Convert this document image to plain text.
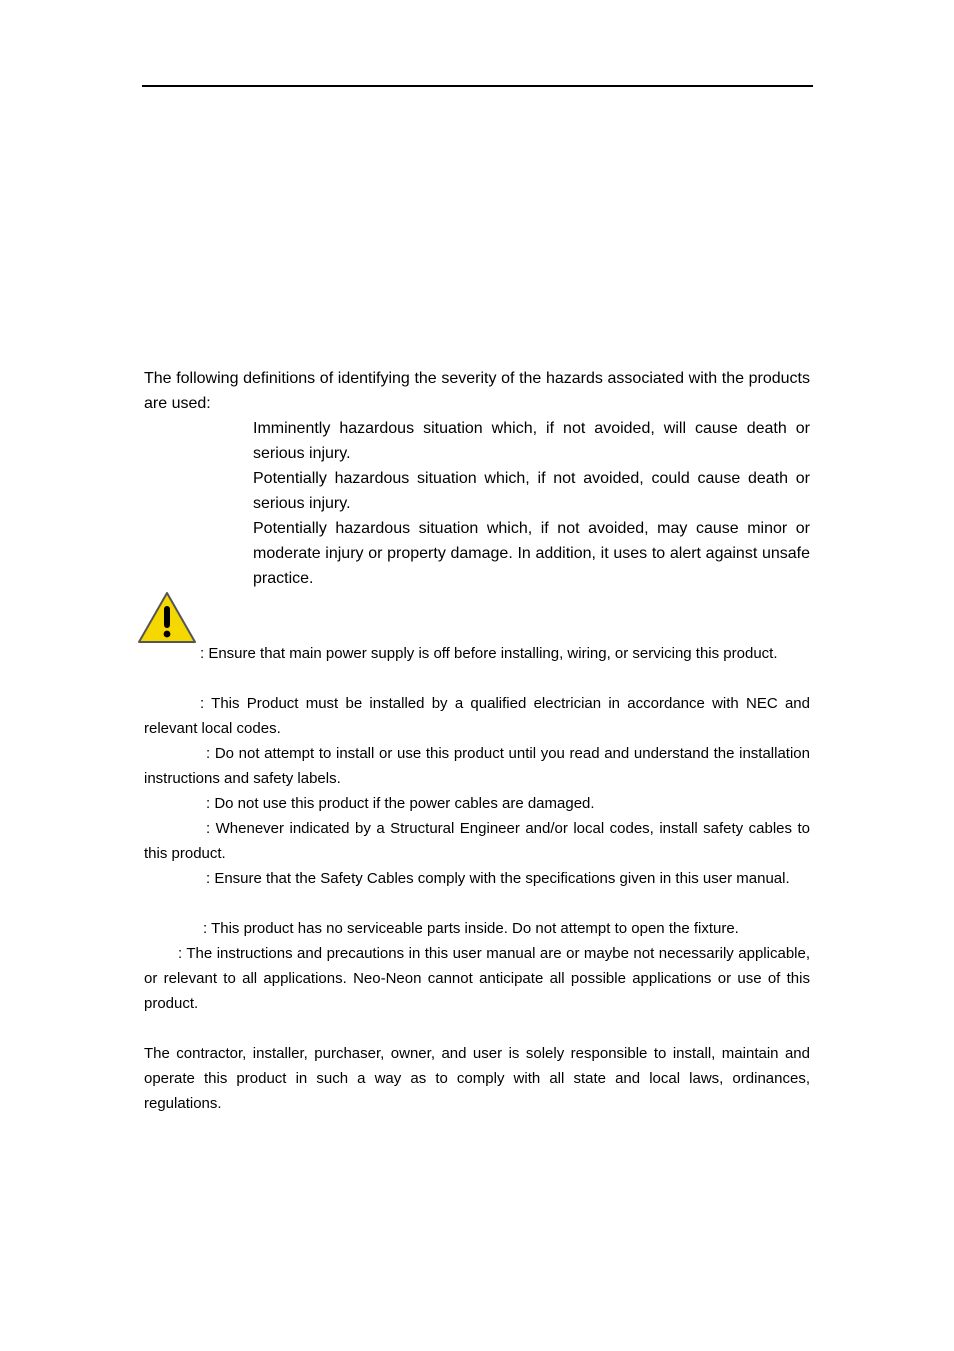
The following definitions of identifying the severity of the hazards associated with the products are used:
Imminently hazardous situation which, if not avoided, will cause death or serious injury.
Potentially hazardous situation which, if not avoided, could cause death or serious injury.
Potentially hazardous situation which, if not avoided, may cause minor or moderate injury or property damage. In addition, it uses to alert against unsafe practice.
: Ensure that main power supply is off before installing, wiring, or servicing this product.
: This Product must be installed by a qualified electrician in accordance with NEC and relevant local codes.
: Do not attempt to install or use this product until you read and understand the installation instructions and safety labels.
: Do not use this product if the power cables are damaged.
: Whenever indicated by a Structural Engineer and/or local codes, install safety cables to this product.
: Ensure that the Safety Cables comply with the specifications given in this user manual.
: This product has no serviceable parts inside. Do not attempt to open the fixture.
: The instructions and precautions in this user manual are or maybe not necessarily applicable, or relevant to all applications. Neo-Neon cannot anticipate all possible applications or use of this product.
The contractor, installer, purchaser, owner, and user is solely responsible to install, maintain and operate this product in such a way as to comply with all state and local laws, ordinances, regulations.
